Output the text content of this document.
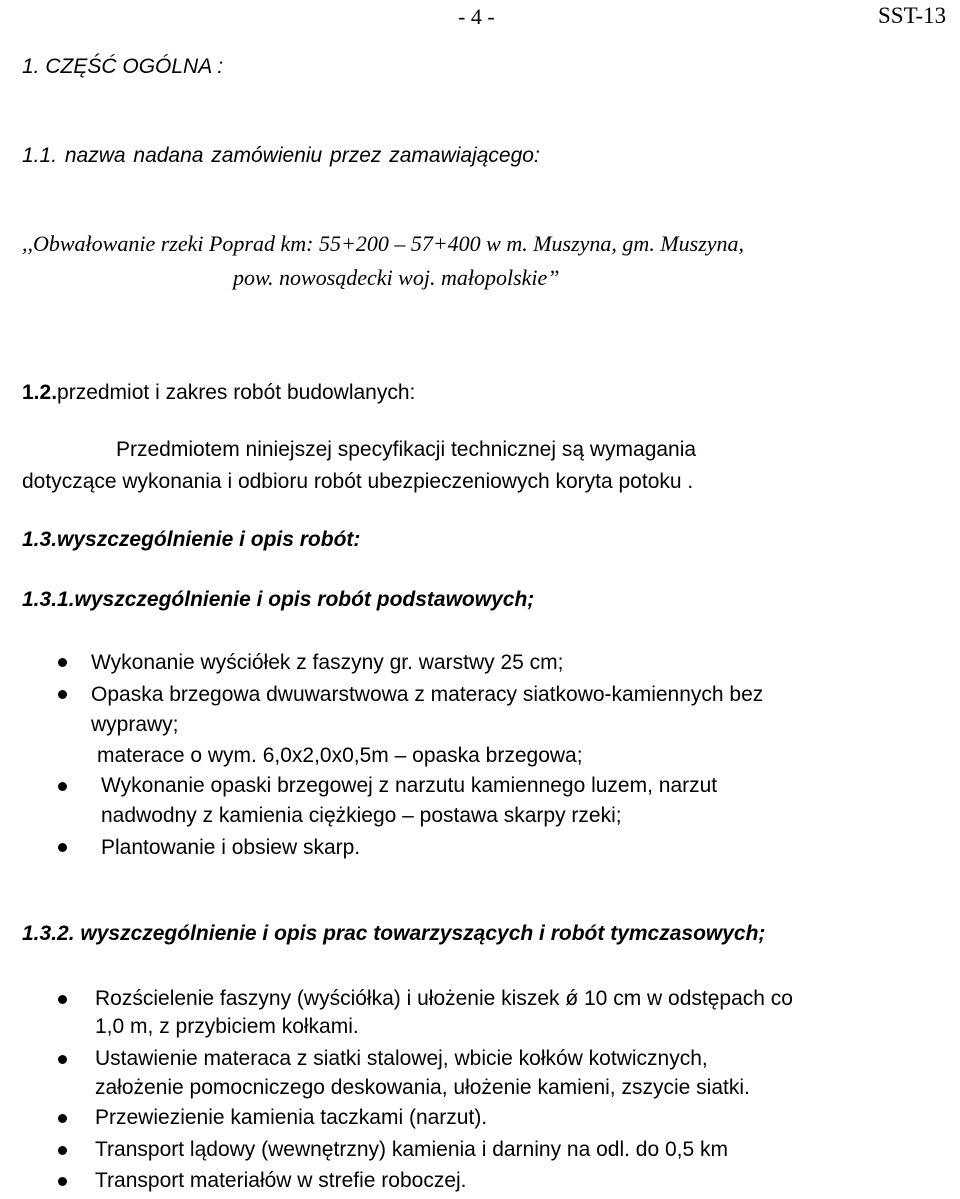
- 4 -	SST-13
1. CZĘŚĆ OGÓLNA :
1.1. nazwa nadana zamówieniu przez zamawiającego:
,,Obwałowanie rzeki Poprad km: 55+200 – 57+400 w m. Muszyna, gm. Muszyna,
pow. nowosądecki woj. małopolskie”
1.2.przedmiot i zakres robót budowlanych:
Przedmiotem niniejszej specyfikacji technicznej są wymagania
dotyczące wykonania i odbioru robót ubezpieczeniowych koryta potoku .
1.3.wyszczególnienie i opis robót:
1.3.1.wyszczególnienie i opis robót podstawowych;
Wykonanie wyściółek z faszyny gr. warstwy 25 cm;
Opaska brzegowa dwuwarstwowa z materacy siatkowo-kamiennych bez
wyprawy;
materace o wym. 6,0x2,0x0,5m – opaska brzegowa;
Wykonanie opaski brzegowej z narzutu kamiennego luzem, narzut
nadwodny z kamienia ciężkiego – postawa skarpy rzeki;
Plantowanie i obsiew skarp.
1.3.2. wyszczególnienie i opis prac towarzyszących i robót tymczasowych;
Rozścielenie faszyny (wyściółka) i ułożenie kiszek ǿ 10 cm w odstępach co
1,0 m, z przybiciem kołkami.
Ustawienie materaca z siatki stalowej, wbicie kołków kotwicznych,
założenie pomocniczego deskowania, ułożenie kamieni, zszycie siatki.
Przewiezienie kamienia taczkami (narzut).
Transport lądowy (wewnętrzny) kamienia i darniny na odl. do 0,5 km
Transport materiałów w strefie roboczej.
